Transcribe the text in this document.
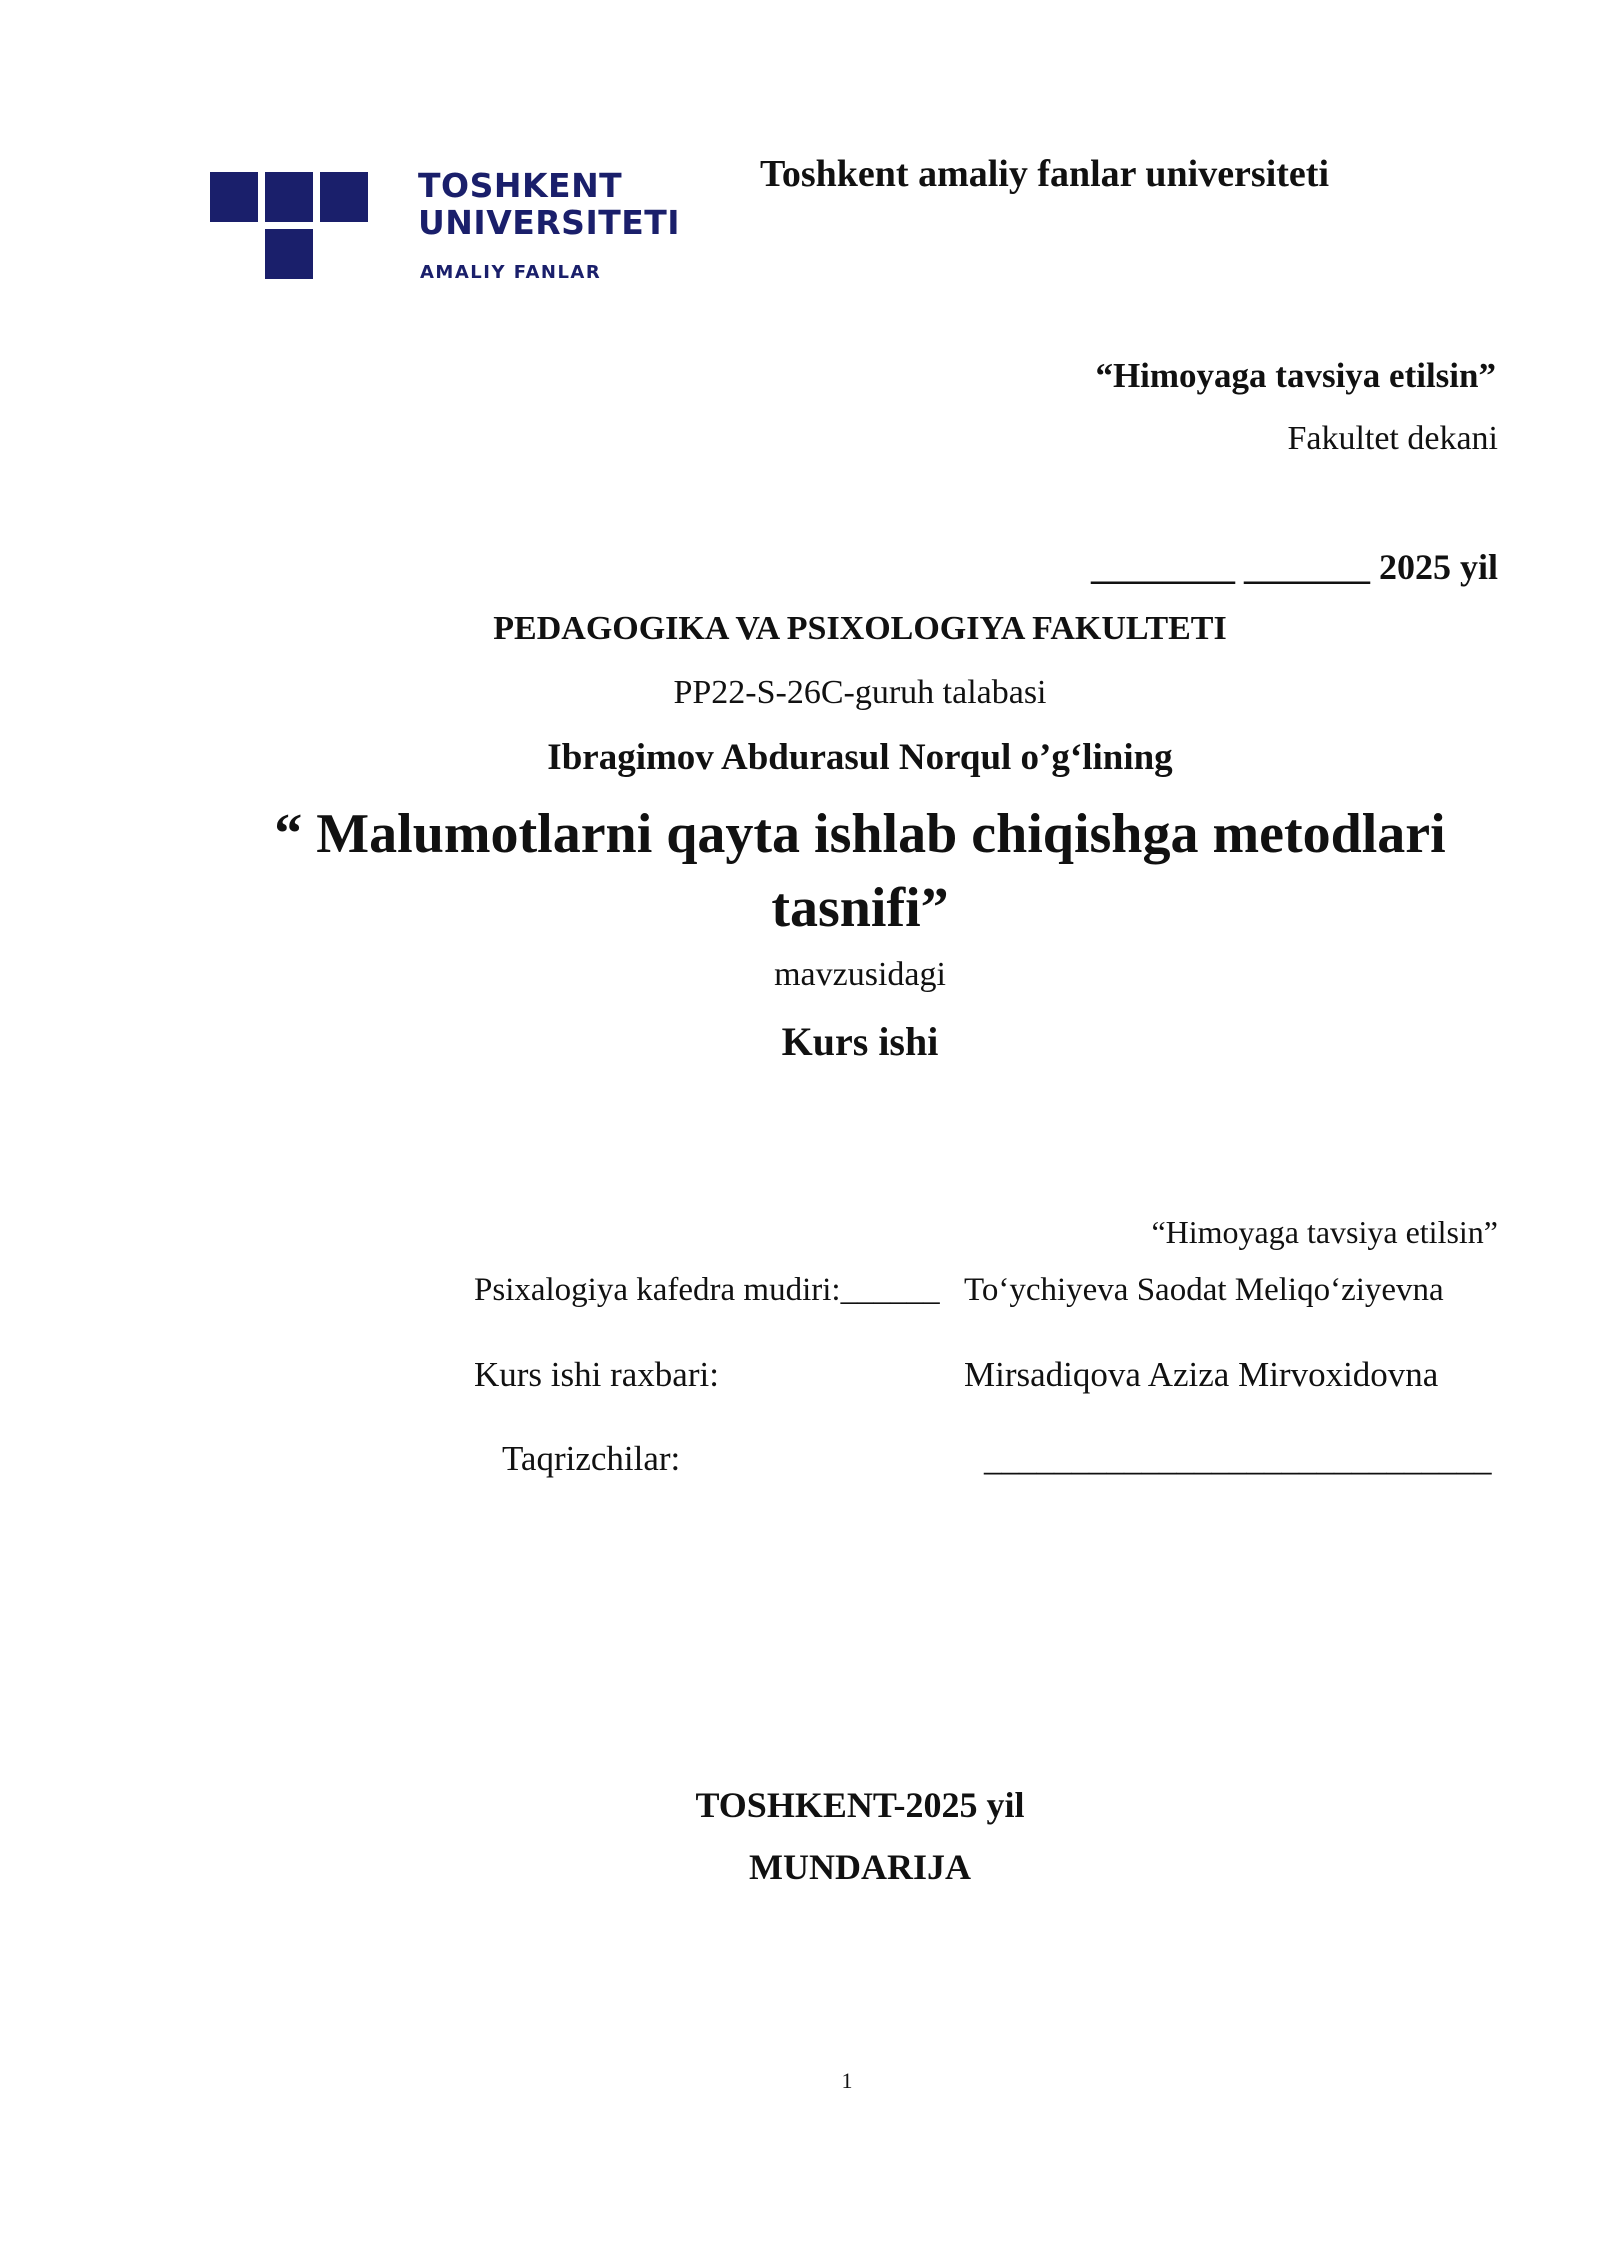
TOSHKENT
UNIVERSITETI
AMALIY FANLAR
Toshkent amaliy fanlar universiteti
“Himoyaga tavsiya etilsin”
Fakultet dekani
________ _______ 2025 yil
PEDAGOGIKA VA PSIXOLOGIYA FAKULTETI
PP22-S-26C-guruh talabasi
Ibragimov Abdurasul Norqul o’g‘lining
“ Malumotlarni qayta ishlab chiqishga metodlari
tasnifi”
mavzusidagi
Kurs ishi
“Himoyaga tavsiya etilsin”
Psixalogiya kafedra mudiri:______ To‘ychiyeva Saodat Meliqo‘ziyevna
Kurs ishi raxbari:	Mirsadiqova Aziza Mirvoxidovna
Taqrizchilar:	_____________________________
TOSHKENT-2025 yil
MUNDARIJA
1
